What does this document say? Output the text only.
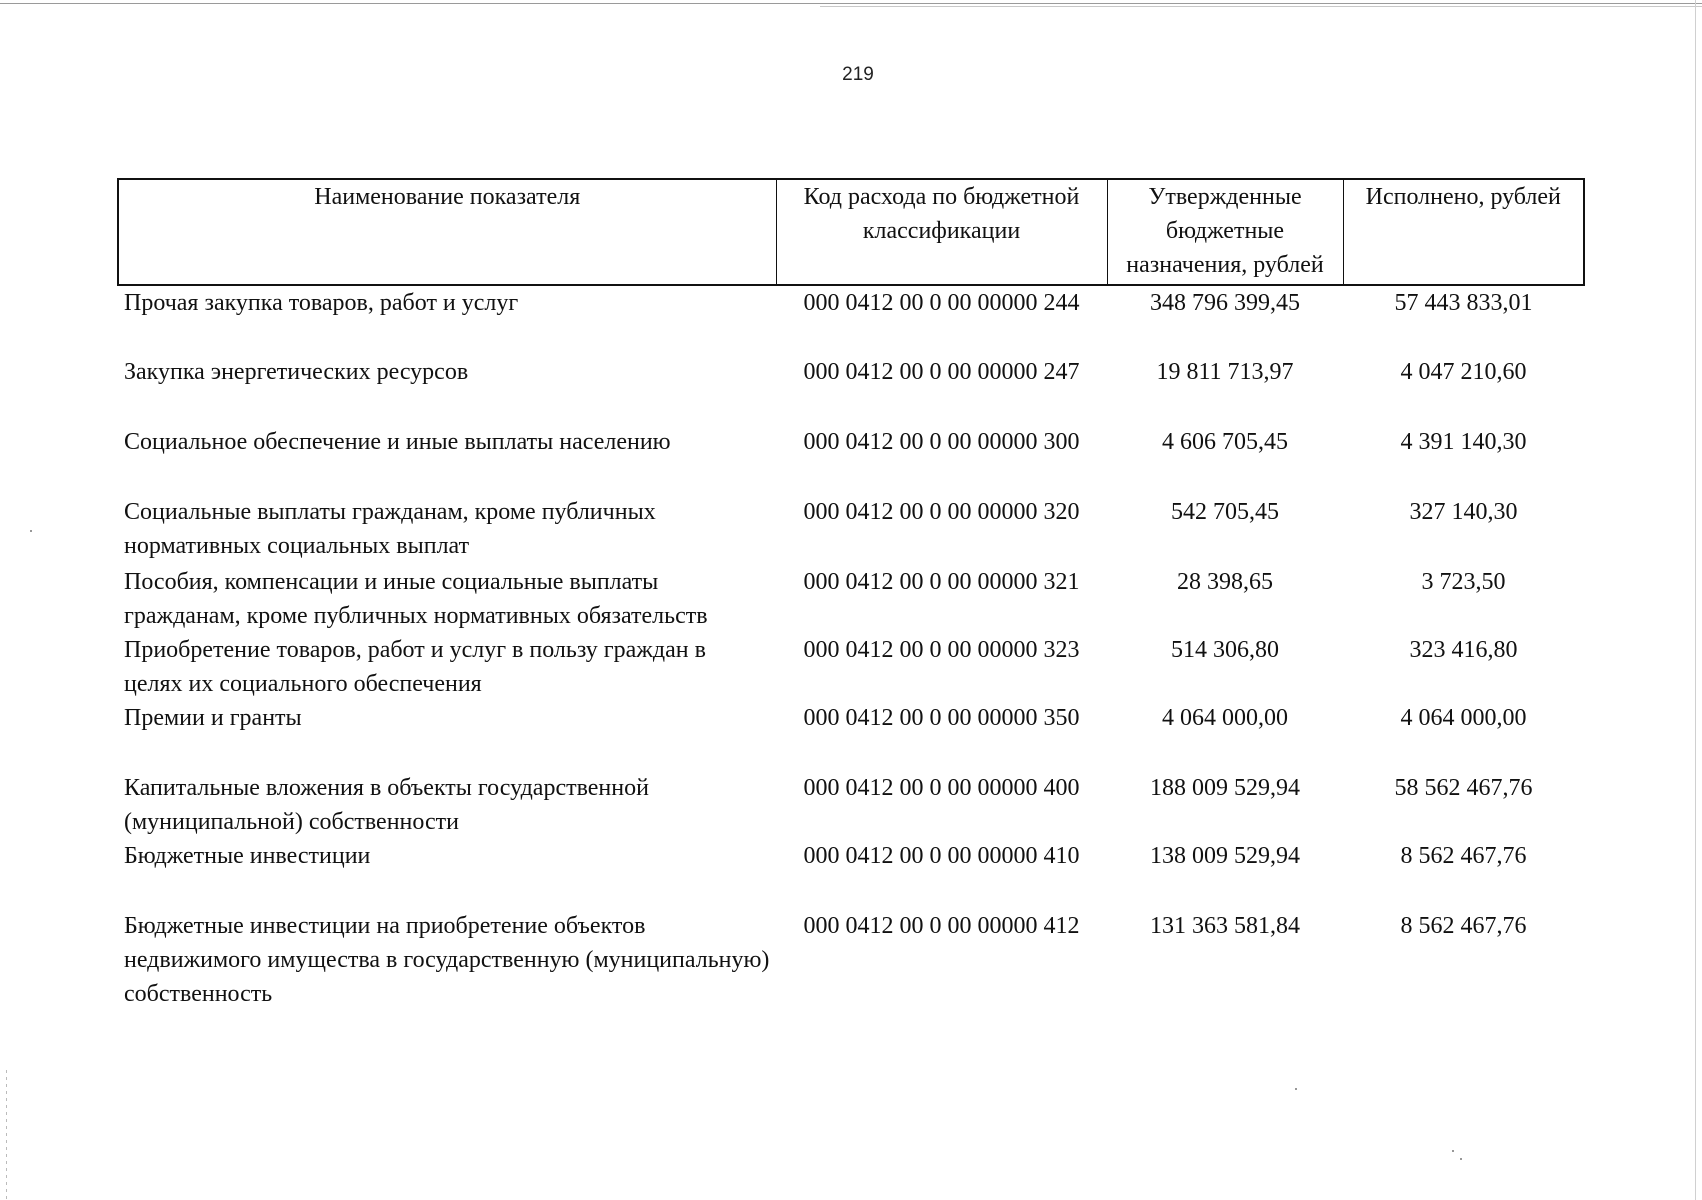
219
Наименование показателя	Код расхода по бюджетной классификации	Утвержденные бюджетные назначения, рублей	Исполнено, рублей
Прочая закупка товаров, работ и услуг	000 0412 00 0 00 00000 244	348 796 399,45	57 443 833,01
Закупка энергетических ресурсов	000 0412 00 0 00 00000 247	19 811 713,97	4 047 210,60
Социальное обеспечение и иные выплаты населению	000 0412 00 0 00 00000 300	4 606 705,45	4 391 140,30
Социальные выплаты гражданам, кроме публичных нормативных социальных выплат	000 0412 00 0 00 00000 320	542 705,45	327 140,30
Пособия, компенсации и иные социальные выплаты гражданам, кроме публичных нормативных обязательств	000 0412 00 0 00 00000 321	28 398,65	3 723,50
Приобретение товаров, работ и услуг в пользу граждан в целях их социального обеспечения	000 0412 00 0 00 00000 323	514 306,80	323 416,80
Премии и гранты	000 0412 00 0 00 00000 350	4 064 000,00	4 064 000,00
Капитальные вложения в объекты государственной (муниципальной) собственности	000 0412 00 0 00 00000 400	188 009 529,94	58 562 467,76
Бюджетные инвестиции	000 0412 00 0 00 00000 410	138 009 529,94	8 562 467,76
Бюджетные инвестиции на приобретение объектов недвижимого имущества в государственную (муниципальную) собственность	000 0412 00 0 00 00000 412	131 363 581,84	8 562 467,76
